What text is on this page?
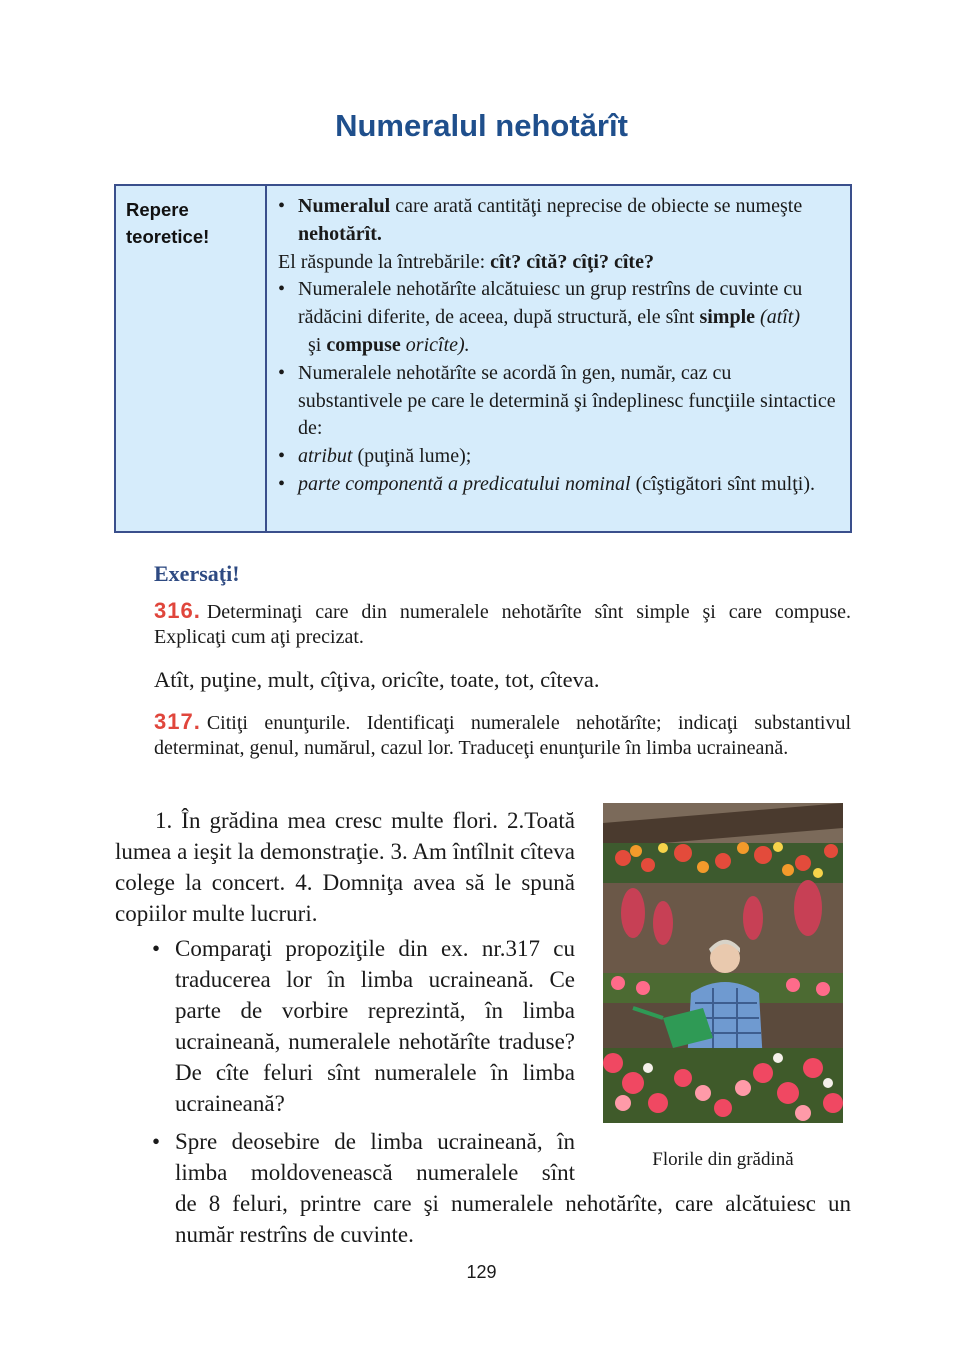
Numeralul nehotărît
Repere
teoretice!
• Numeralul care arată cantităţi neprecise de obiecte se numeşte nehotărît.
El răspunde la întrebările: cît? cîtă? cîţi? cîte?
• Numeralele nehotărîte alcătuiesc un grup restrîns de cuvinte cu rădăcini diferite, de aceea, după structură, ele sînt simple (atît)  şi compuse oricîte).
• Numeralele nehotărîte se acordă în gen, număr, caz cu substantivele pe care le determină şi îndeplinesc funcţiile sintactice de:
• atribut (puţină lume);
• parte componentă a predicatului nominal (cîştigători sînt mulţi).
Exersaţi!
316. Determinaţi care din numeralele nehotărîte sînt simple şi care compuse. Explicaţi cum aţi precizat.
Atît, puţine, mult, cîţiva, oricîte, toate, tot, cîteva.
317. Citiţi enunţurile. Identificaţi numeralele nehotărîte; indicaţi substantivul determinat, genul, numărul, cazul lor. Traduceţi enunţurile în limba ucraineană.
1. În grădina mea cresc multe flori. 2.Toată lumea a ieşit la demonstraţie. 3. Am întîlnit cîteva colege la concert. 4. Domniţa avea să le spună copiilor multe lucruri.
• Comparaţi propoziţile din ex. nr.317 cu traducerea lor în limba ucraineană. Ce parte de vorbire reprezintă, în limba ucraineană, numeralele nehotărîte traduse? De cîte feluri sînt numeralele în limba ucraineană?
• Spre deosebire de limba ucraineană, în limba moldovenească numeralele sînt
de 8 feluri, printre care şi numeralele nehotărîte, care alcătuiesc un număr restrîns de cuvinte.
Florile din grădină
129
